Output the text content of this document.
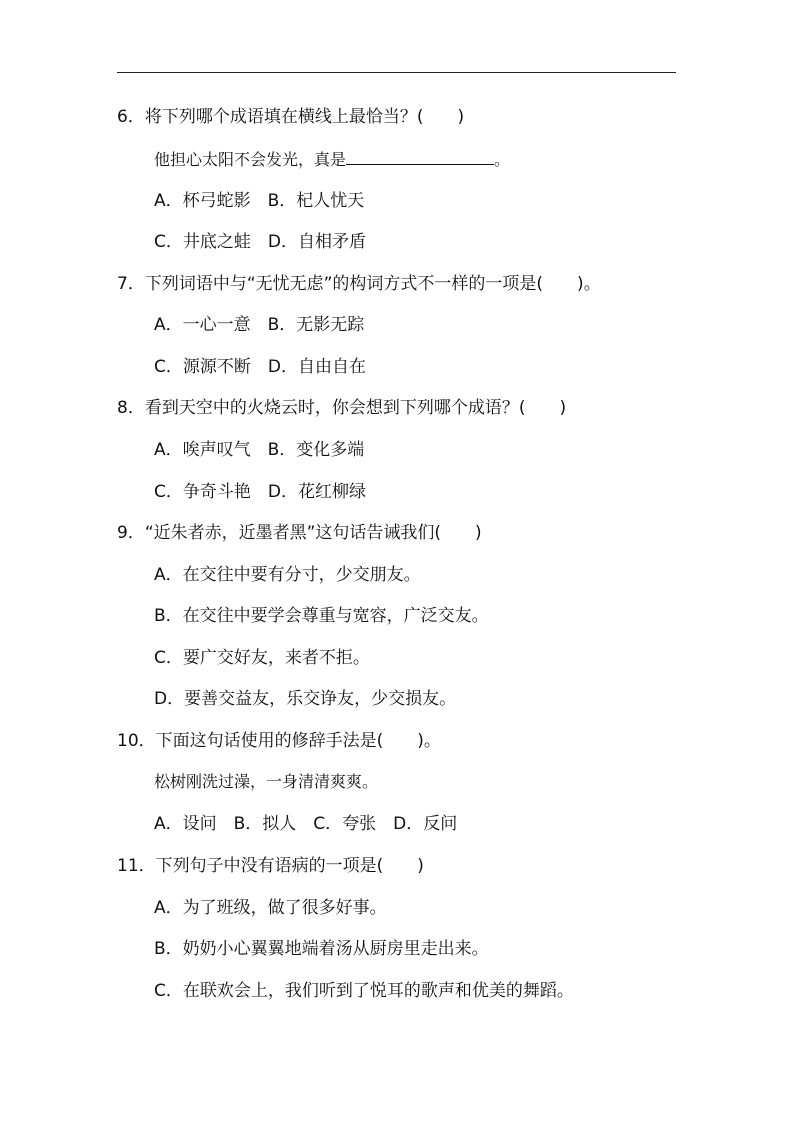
6．将下列哪个成语填在横线上最恰当？(　　)
他担心太阳不会发光，真是	。
A．杯弓蛇影　B．杞人忧天
C．井底之蛙　D．自相矛盾
7．下列词语中与“无忧无虑”的构词方式不一样的一项是(　　)。
A．一心一意　B．无影无踪
C．源源不断　D．自由自在
8．看到天空中的火烧云时，你会想到下列哪个成语？(　　)
A．唉声叹气　B．变化多端
C．争奇斗艳　D．花红柳绿
9．“近朱者赤，近墨者黑”这句话告诫我们(　　)
A．在交往中要有分寸，少交朋友。
B．在交往中要学会尊重与宽容，广泛交友。
C．要广交好友，来者不拒。
D．要善交益友，乐交诤友，少交损友。
10．下面这句话使用的修辞手法是(　　)。
松树刚洗过澡，一身清清爽爽。
A．设问　B．拟人　C．夸张　D．反问
11．下列句子中没有语病的一项是(　　)
A．为了班级，做了很多好事。
B．奶奶小心翼翼地端着汤从厨房里走出来。
C．在联欢会上，我们听到了悦耳的歌声和优美的舞蹈。
